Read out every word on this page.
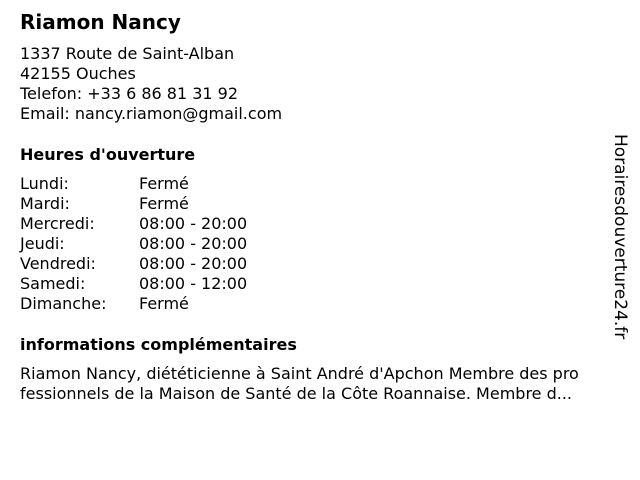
Riamon Nancy
1337 Route de Saint-Alban
42155 Ouches
Telefon: +33 6 86 81 31 92
Email: nancy.riamon@gmail.com
Heures d'ouverture
Lundi:	Fermé
Mardi:	Fermé
Mercredi:	08:00 - 20:00
Jeudi:	08:00 - 20:00
Vendredi:	08:00 - 20:00
Samedi:	08:00 - 12:00
Dimanche: Fermé
informations complémentaires
Riamon Nancy, diététicienne à Saint André d'Apchon Membre des pro
fessionnels de la Maison de Santé de la Côte Roannaise. Membre d...
Horairesdouverture24.fr
